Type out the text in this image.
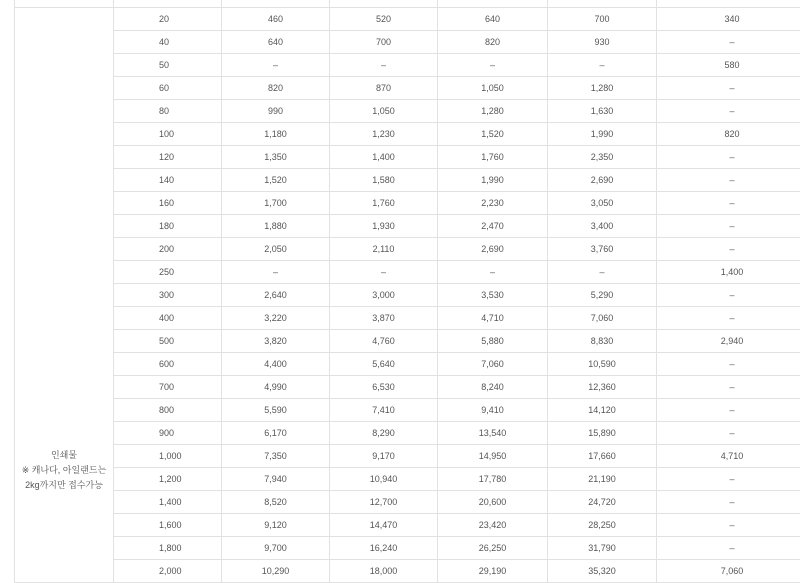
인쇄물
※ 캐나다, 아일랜드는
2kg까지만 접수가능	20	460	520	640	700	340
	40	640	700	820	930	–
	50	–	–	–	–	580
	60	820	870	1,050	1,280	–
	80	990	1,050	1,280	1,630	–
	100	1,180	1,230	1,520	1,990	820
	120	1,350	1,400	1,760	2,350	–
	140	1,520	1,580	1,990	2,690	–
	160	1,700	1,760	2,230	3,050	–
	180	1,880	1,930	2,470	3,400	–
	200	2,050	2,110	2,690	3,760	–
	250	–	–	–	–	1,400
	300	2,640	3,000	3,530	5,290	–
	400	3,220	3,870	4,710	7,060	–
	500	3,820	4,760	5,880	8,830	2,940
	600	4,400	5,640	7,060	10,590	–
	700	4,990	6,530	8,240	12,360	–
	800	5,590	7,410	9,410	14,120	–
	900	6,170	8,290	13,540	15,890	–
	1,000	7,350	9,170	14,950	17,660	4,710
	1,200	7,940	10,940	17,780	21,190	–
	1,400	8,520	12,700	20,600	24,720	–
	1,600	9,120	14,470	23,420	28,250	–
	1,800	9,700	16,240	26,250	31,790	–
	2,000	10,290	18,000	29,190	35,320	7,060
